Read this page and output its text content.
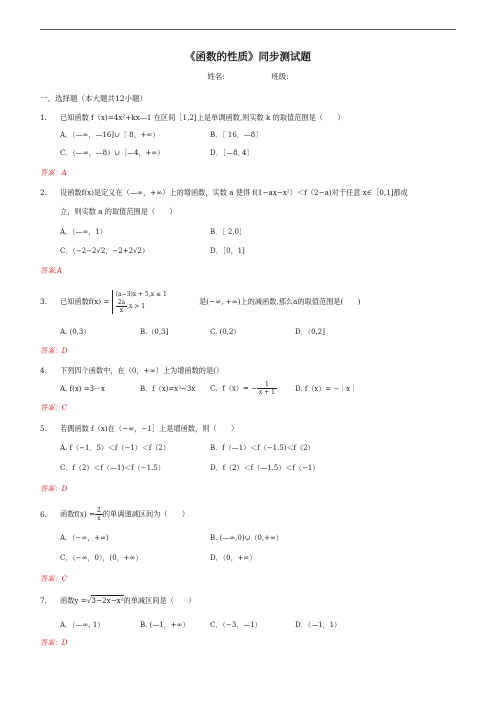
《函数的性质》同步测试题
姓名:	班级:
一、选择题（本大题共12小题）
1. 已知函数 f（x)=4x²+kx—1 在区间［1,2]上是单调函数,则实数 k 的取值范围是（　　）
A．（—∞，—16]∪［ 8，+∞）	B．［ 16，—8］
C．（—∞，—8）∪［—4，+∞）	D．［—8, 4］
答案：A
2. 设函数f(x)是定义在（—∞，+∞）上的增函数，实数 a 使得 f(1−ax−x²）＜f（2−a)对于任意 x∈［0,1]都成
立，则实数 a 的取值范围是（　　）
A．（—∞，1）	B．［ 2,0］
C．（−2−2√2，−2+2√2）	D．［0，1]
答案:A
3. 已知函数f(x) =
(a−3)x + 5,x ≤ 1
$\frac{2a}{x} ,x > 1$
是(−∞, +∞)上的减函数,那么a的取值范围是(　　)
A. (0,3）	B.（0,3]	C. (0,2）	D．（0,2]
答案：D
4. 下列四个函数中，在（0，+∞）上为增函数的是(）
A. f(x) =3－x	B．f（x)=x²−3x C．$f(x)= - \frac{1}{x + 1}$	D. f（x）= −｜x｜
答案：C
5. 若偶函数 f（x)在（−∞，−1］上是增函数，则（　　）
A. f（−1．5）＜f（−1）＜f（2）	B．f（—1）＜f（−1.5)＜f（2）
C．f（2）＜f（—1)＜f（−1.5）	D．f（2）＜f（—1.5）＜f（−1）
答案：D
6. 函数$f(x) = \frac{2}{x}$ 的单调递减区间为（　　）
A．（−∞，+∞)	B. (—∞,0)∪（0,+∞）
C．（−∞，0），(0，+∞）	D．（0，+∞）
答案：C
7. 函数y =√3−2x−x²的单减区间是（　　）
A．（—∞, 1）	B. (—1，+∞）	C．（−3，—1）	D．（—1，1）
答案：D
